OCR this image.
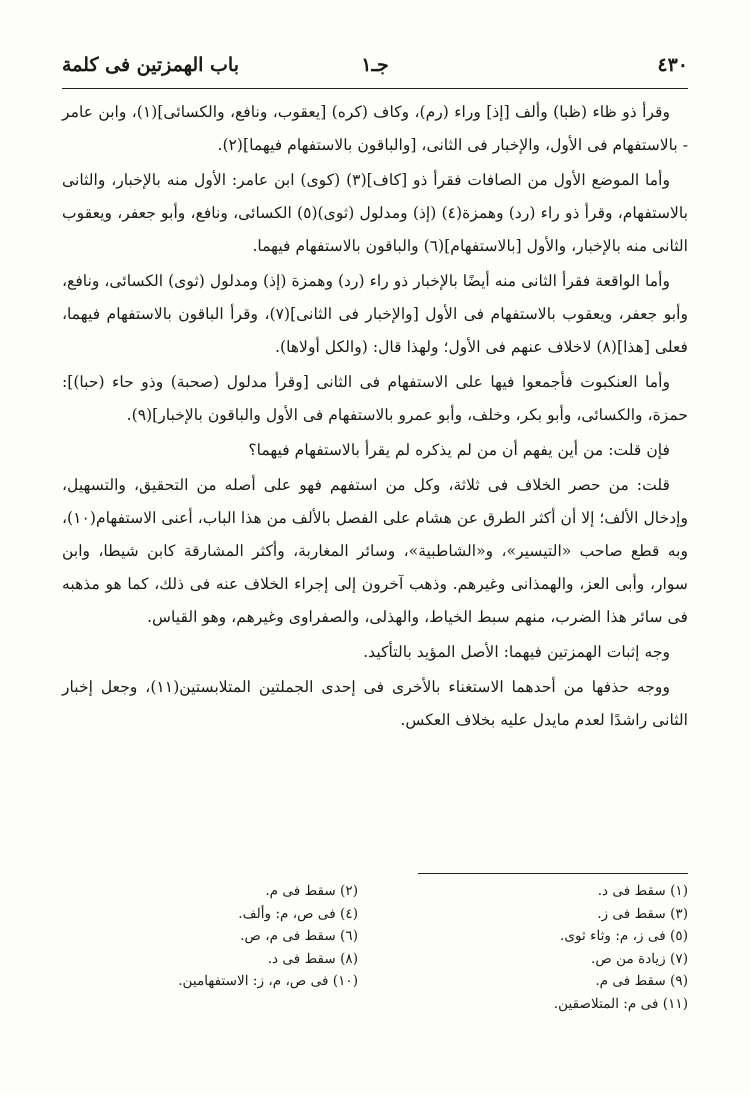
٤٣٠
جـ١
باب الهمزتين فى كلمة

وقرأ ذو ظاء (ظبا) وألف [إذ] وراء (رم)، وكاف (كره) [يعقوب، ونافع، والكسائى](١)، وابن عامر - بالاستفهام فى الأول، والإخبار فى الثانى، [والباقون بالاستفهام فيهما](٢).

وأما الموضع الأول من الصافات فقرأ ذو [كاف](٣) (كوى) ابن عامر: الأول منه بالإخبار، والثانى بالاستفهام، وقرأ ذو راء (رد) وهمزة(٤) (إذ) ومدلول (ثوى)(٥) الكسائى، ونافع، وأبو جعفر، ويعقوب الثانى منه بالإخبار، والأول [بالاستفهام](٦) والباقون بالاستفهام فيهما.

وأما الواقعة فقرأ الثانى منه أيضًا بالإخبار ذو راء (رد) وهمزة (إذ) ومدلول (ثوى) الكسائى، ونافع، وأبو جعفر، ويعقوب بالاستفهام فى الأول [والإخبار فى الثانى](٧)، وقرأ الباقون بالاستفهام فيهما، فعلى [هذا](٨) لاخلاف عنهم فى الأول؛ ولهذا قال: (والكل أولاها).

وأما العنكبوت فأجمعوا فيها على الاستفهام فى الثانى [وقرأ مدلول (صحبة) وذو حاء (حبا)]: حمزة، والكسائى، وأبو بكر، وخلف، وأبو عمرو بالاستفهام فى الأول والباقون بالإخبار](٩).

فإن قلت: من أين يفهم أن من لم يذكره لم يقرأ بالاستفهام فيهما؟

قلت: من حصر الخلاف فى ثلاثة، وكل من استفهم فهو على أصله من التحقيق، والتسهيل، وإدخال الألف؛ إلا أن أكثر الطرق عن هشام على الفصل بالألف من هذا الباب، أعنى الاستفهام(١٠)، وبه قطع صاحب «التيسير»، و«الشاطبية»، وسائر المغاربة، وأكثر المشارقة كابن شيطا، وابن سوار، وأبى العز، والهمذانى وغيرهم. وذهب آخرون إلى إجراء الخلاف عنه فى ذلك، كما هو مذهبه فى سائر هذا الضرب، منهم سبط الخياط، والهذلى، والصفراوى وغيرهم، وهو القياس.

وجه إثبات الهمزتين فيهما: الأصل المؤيد بالتأكيد.

ووجه حذفها من أحدهما الاستغناء بالأخرى فى إحدى الجملتين المتلابستين(١١)، وجعل إخبار الثانى راشدًا لعدم مايدل عليه بخلاف العكس.

(١) سقط فى د.
(٣) سقط فى ز.
(٥) فى ز، م: وثاء ثوى.
(٧) زيادة من ص.
(٩) سقط فى م.
(١١) فى م: المتلاصقين.
(٢) سقط فى م.
(٤) فى ص، م: وألف.
(٦) سقط فى م، ص.
(٨) سقط فى د.
(١٠) فى ص، م، ز: الاستفهامين.
